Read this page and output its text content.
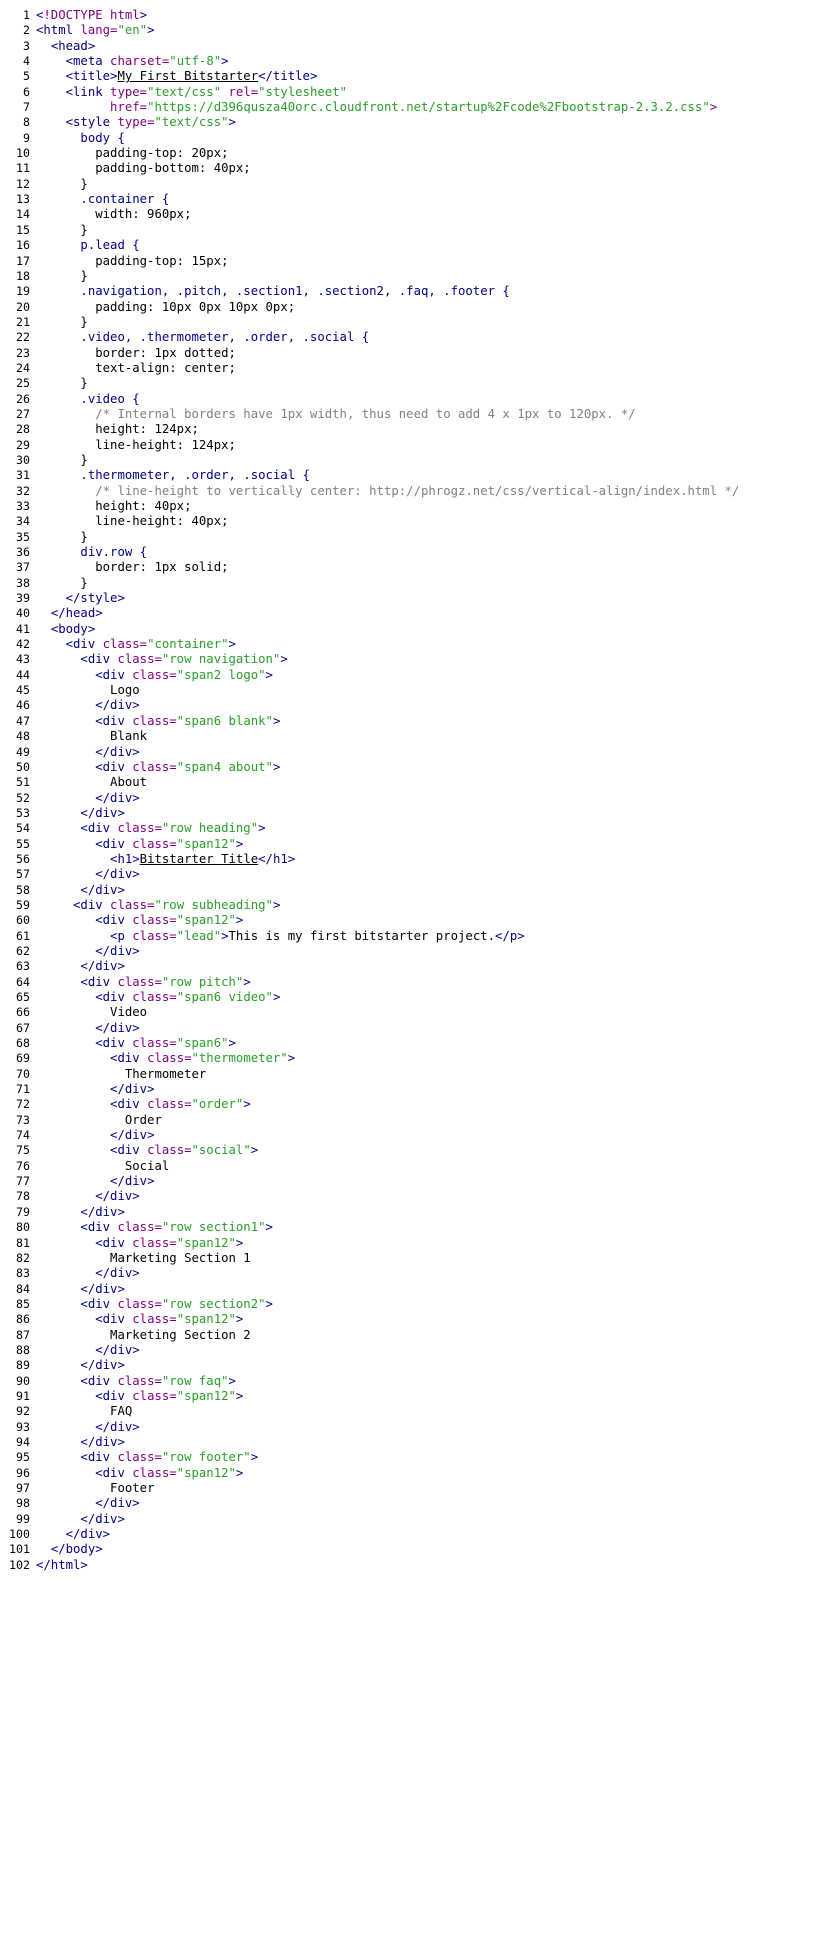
1 <!DOCTYPE html>
2 <html lang="en">
3	<head>
4	<meta charset="utf-8">
5	<title>My First Bitstarter</title>
6	<link type="text/css" rel="stylesheet"
7	href="https://d396qusza40orc.cloudfront.net/startup%2Fcode%2Fbootstrap-2.3.2.css">
8	<style type="text/css">
9	body {
10	padding-top: 20px;
11	padding-bottom: 40px;
12	}
13	.container {
14	width: 960px;
15	}
16	p.lead {
17	padding-top: 15px;
18	}
19	.navigation, .pitch, .section1, .section2, .faq, .footer {
20	padding: 10px 0px 10px 0px;
21	}
22	.video, .thermometer, .order, .social {
23	border: 1px dotted;
24	text-align: center;
25	}
26	.video {
27	/* Internal borders have 1px width, thus need to add 4 x 1px to 120px. */
28	height: 124px;
29	line-height: 124px;
30	}
31	.thermometer, .order, .social {
32	/* line-height to vertically center: http://phrogz.net/css/vertical-align/index.html */
33	height: 40px;
34	line-height: 40px;
35	}
36	div.row {
37	border: 1px solid;
38	}
39	</style>
40	</head>
41	<body>
42	<div class="container">
43	<div class="row navigation">
44	<div class="span2 logo">
45	Logo
46	</div>
47	<div class="span6 blank">
48	Blank
49	</div>
50	<div class="span4 about">
51	About
52	</div>
53	</div>
54	<div class="row heading">
55	<div class="span12">
56	<h1>Bitstarter Title</h1>
57	</div>
58	</div>
59	<div class="row subheading">
60	<div class="span12">
61	<p class="lead">This is my first bitstarter project.</p>
62	</div>
63	</div>
64	<div class="row pitch">
65	<div class="span6 video">
66	Video
67	</div>
68	<div class="span6">
69	<div class="thermometer">
70	Thermometer
71	</div>
72	<div class="order">
73	Order
74	</div>
75	<div class="social">
76	Social
77	</div>
78	</div>
79	</div>
80	<div class="row section1">
81	<div class="span12">
82	Marketing Section 1
83	</div>
84	</div>
85	<div class="row section2">
86	<div class="span12">
87	Marketing Section 2
88	</div>
89	</div>
90	<div class="row faq">
91	<div class="span12">
92	FAQ
93	</div>
94	</div>
95	<div class="row footer">
96	<div class="span12">
97	Footer
98	</div>
99	</div>
100	</div>
101	</body>
102 </html>
